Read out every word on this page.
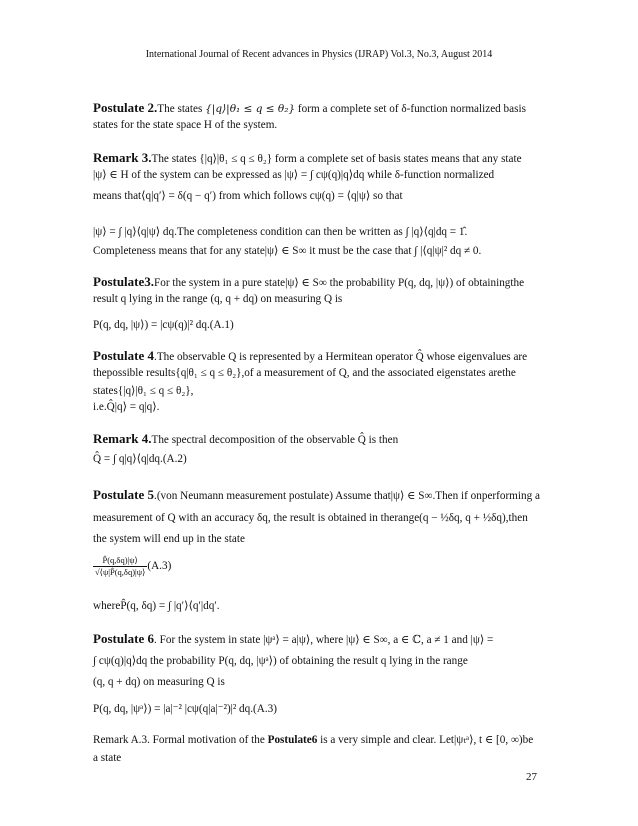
International Journal of Recent advances in Physics (IJRAP) Vol.3, No.3, August 2014
Postulate 2.The states {|q⟩|θ₁ ≤ q ≤ θ₂} form a complete set of δ-function normalized basis
states for the state space H of the system.
Remark 3.The states {|q⟩|θ₁ ≤ q ≤ θ₂} form a complete set of basis states means that any state
|ψ⟩ ∈ H of the system can be expressed as |ψ⟩ = ∫ cψ(q)|q⟩dq while δ-function normalized
means that⟨q|q′⟩ = δ(q − q′) from which follows cψ(q) = ⟨q|ψ⟩ so that
|ψ⟩ = ∫ |q⟩⟨q|ψ⟩ dq.The completeness condition can then be written as ∫ |q⟩⟨q|dq = 1̂.
Completeness means that for any state|ψ⟩ ∈ S∞ it must be the case that ∫ |⟨q|ψ|² dq ≠ 0.
Postulate3.For the system in a pure state|ψ⟩ ∈ S∞ the probability P(q, dq, |ψ⟩) of obtainingthe
result q lying in the range (q, q + dq) on measuring Q is
P(q, dq, |ψ⟩) = |cψ(q)|² dq.(A.1)
Postulate 4.The observable Q is represented by a Hermitean operator Q̂ whose eigenvalues are
thepossible results{q|θ₁ ≤ q ≤ θ₂},of a measurement of Q, and the associated eigenstates arethe
states{|q⟩|θ₁ ≤ q ≤ θ₂},
i.e.Q̂|q⟩ = q|q⟩.
Remark 4.The spectral decomposition of the observable Q̂ is then
Q̂ = ∫ q|q⟩⟨q|dq.(A.2)
Postulate 5.(von Neumann measurement postulate) Assume that|ψ⟩ ∈ S∞.Then if onperforming a
measurement of Q with an accuracy δq, the result is obtained in therange(q − ½δq, q + ½δq),then
the system will end up in the state
$\frac{P̂(q,\delta q)|\psi⟩}{√⟨\psi|P̂(q,\delta q)|\psi⟩} (A.3)$
whereP̂(q, δq) = ∫ |q′⟩⟨q′|dq′.
Postulate 6. For the system in state |ψᵃ⟩ = a|ψ⟩, where |ψ⟩ ∈ S∞, a ∈ ℂ, a ≠ 1 and |ψ⟩ =
∫ cψ(q)|q⟩dq the probability P(q, dq, |ψᵃ⟩) of obtaining the result q lying in the range
(q, q + dq) on measuring Q is
P(q, dq, |ψᵃ⟩) = |a|⁻² |cψ(q|a|⁻²)|² dq.(A.3)
Remark A.3. Formal motivation of the Postulate6 is a very simple and clear. Let|ψₜᵃ⟩, t ∈ [0, ∞)be
a state
27
